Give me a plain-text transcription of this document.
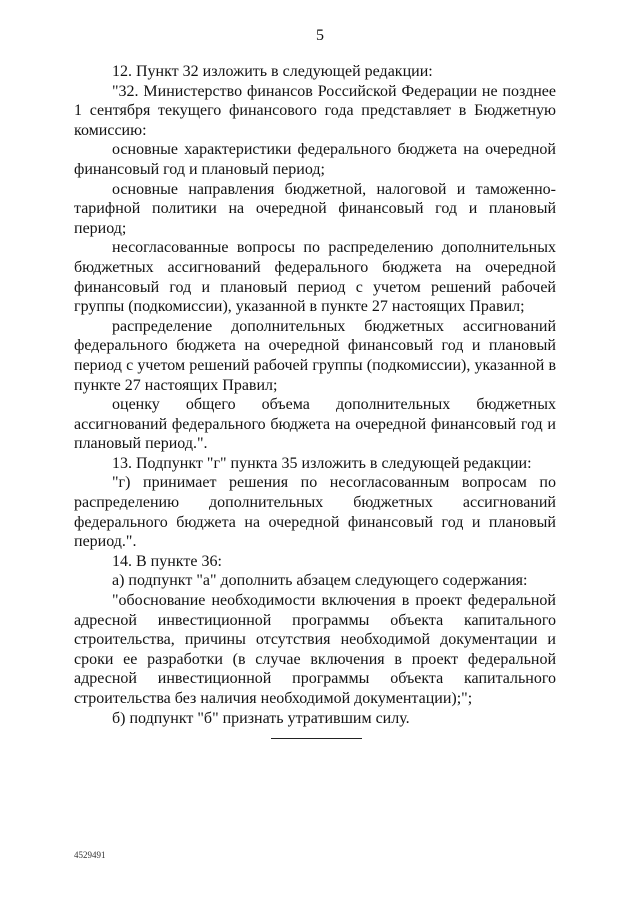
5

12. Пункт 32 изложить в следующей редакции:

"32. Министерство финансов Российской Федерации не позднее 1 сентября текущего финансового года представляет в Бюджетную комиссию:

основные характеристики федерального бюджета на очередной финансовый год и плановый период;

основные направления бюджетной, налоговой и таможенно-тарифной политики на очередной финансовый год и плановый период;

несогласованные вопросы по распределению дополнительных бюджетных ассигнований федерального бюджета на очередной финансовый год и плановый период с учетом решений рабочей группы (подкомиссии), указанной в пункте 27 настоящих Правил;

распределение дополнительных бюджетных ассигнований федерального бюджета на очередной финансовый год и плановый период с учетом решений рабочей группы (подкомиссии), указанной в пункте 27 настоящих Правил;

оценку общего объема дополнительных бюджетных ассигнований федерального бюджета на очередной финансовый год и плановый период.".

13. Подпункт "г" пункта 35 изложить в следующей редакции:

"г) принимает решения по несогласованным вопросам по распределению дополнительных бюджетных ассигнований федерального бюджета на очередной финансовый год и плановый период.".

14. В пункте 36:

а) подпункт "а" дополнить абзацем следующего содержания:

"обоснование необходимости включения в проект федеральной адресной инвестиционной программы объекта капитального строительства, причины отсутствия необходимой документации и сроки ее разработки (в случае включения в проект федеральной адресной инвестиционной программы объекта капитального строительства без наличия необходимой документации);";

б) подпункт "б" признать утратившим силу.

4529491
